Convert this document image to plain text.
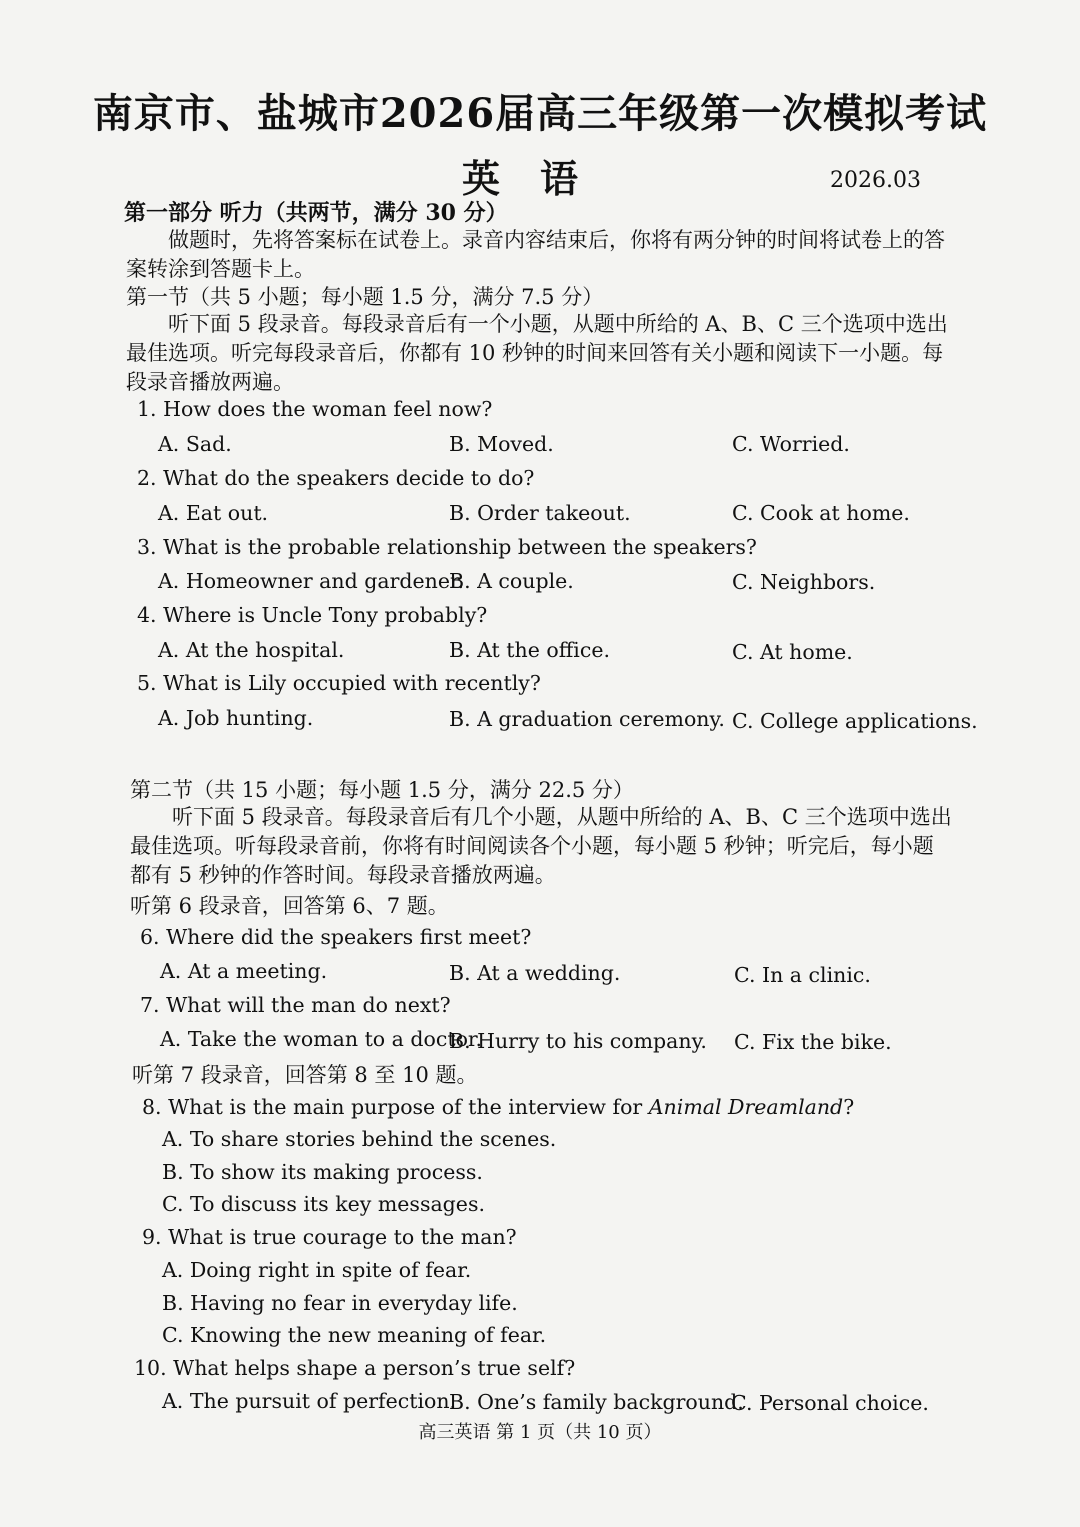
南京市、盐城市2026届高三年级第一次模拟考试
英语	2026.03
第一部分 听力（共两节，满分 30 分）
做题时，先将答案标在试卷上。录音内容结束后，你将有两分钟的时间将试卷上的答案转涂到答题卡上。
第一节（共 5 小题；每小题 1.5 分，满分 7.5 分）
听下面 5 段录音。每段录音后有一个小题，从题中所给的 A、B、C 三个选项中选出最佳选项。听完每段录音后，你都有 10 秒钟的时间来回答有关小题和阅读下一小题。每段录音播放两遍。
1. How does the woman feel now?
A. Sad.	B. Moved.	C. Worried.
2. What do the speakers decide to do?
A. Eat out.	B. Order takeout.	C. Cook at home.
3. What is the probable relationship between the speakers?
A. Homeowner and gardener.
B. A couple.	C. Neighbors.
4. Where is Uncle Tony probably?
A. At the hospital.	B. At the office.	C. At home.
5. What is Lily occupied with recently?
A. Job hunting.	B. A graduation ceremony. C. College applications.
第二节（共 15 小题；每小题 1.5 分，满分 22.5 分）
听下面 5 段录音。每段录音后有几个小题，从题中所给的 A、B、C 三个选项中选出最佳选项。听每段录音前，你将有时间阅读各个小题，每小题 5 秒钟；听完后，每小题都有 5 秒钟的作答时间。每段录音播放两遍。
听第 6 段录音，回答第 6、7 题。
6. Where did the speakers first meet?
A. At a meeting.	B. At a wedding.	C. In a clinic.
7. What will the man do next?
A. Take the woman to a doctor.
B. Hurry to his company. C. Fix the bike.
听第 7 段录音，回答第 8 至 10 题。
8. What is the main purpose of the interview for Animal Dreamland?
A. To share stories behind the scenes.
B. To show its making process.
C. To discuss its key messages.
9. What is true courage to the man?
A. Doing right in spite of fear.
B. Having no fear in everyday life.
C. Knowing the new meaning of fear.
10. What helps shape a person’s true self?
A. The pursuit of perfection.
B. One’s family background.
C. Personal choice.
高三英语 第 1 页（共 10 页）
